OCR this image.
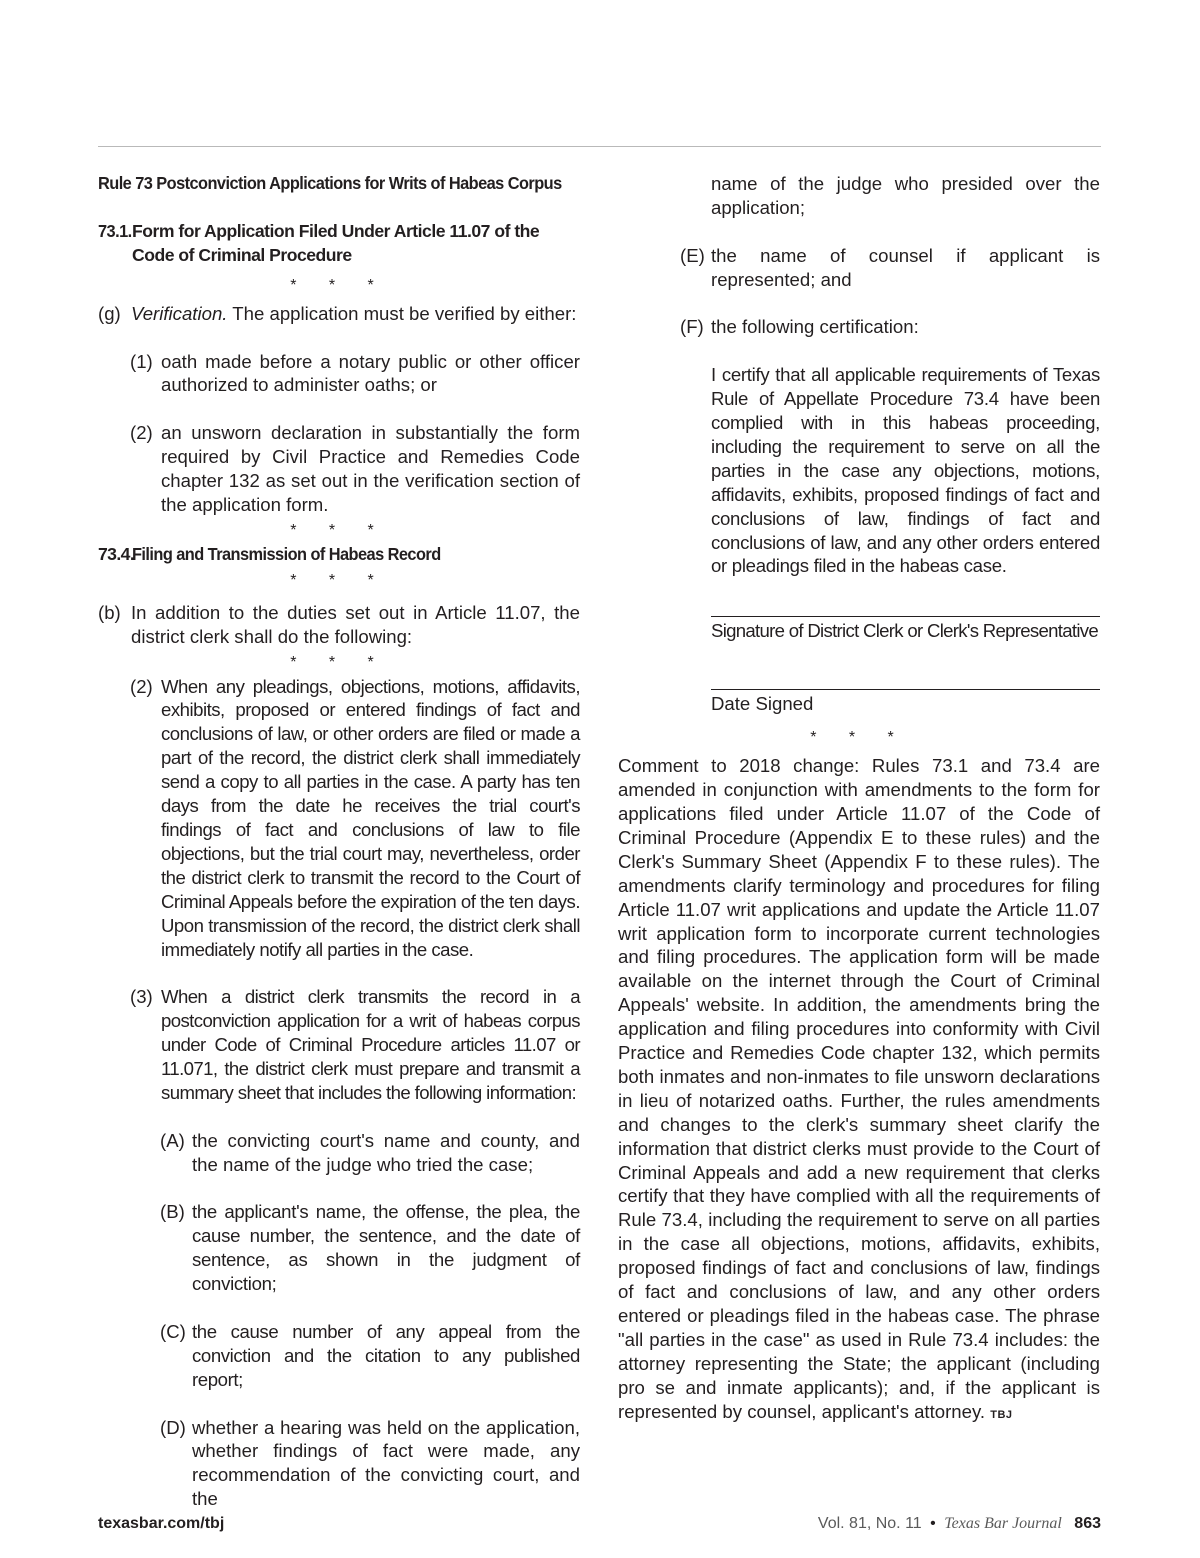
Rule 73 Postconviction Applications for Writs of Habeas Corpus

73.1. Form for Application Filed Under Article 11.07 of the Code of Criminal Procedure

* * *

(g) Verification. The application must be verified by either:

(1) oath made before a notary public or other officer authorized to administer oaths; or

(2) an unsworn declaration in substantially the form required by Civil Practice and Remedies Code chapter 132 as set out in the verification section of the application form.

* * *

73.4.
Filing and Transmission of Habeas Record

* * *

(b) In addition to the duties set out in Article 11.07, the district clerk shall do the following:

* * *

(2) When any pleadings, objections, motions, affidavits, exhibits, proposed or entered findings of fact and conclusions of law, or other orders are filed or made a part of the record, the district clerk shall immediately send a copy to all parties in the case. A party has ten days from the date he receives the trial court's findings of fact and conclusions of law to file objections, but the trial court may, nevertheless, order the district clerk to transmit the record to the Court of Criminal Appeals before the expiration of the ten days. Upon transmission of the record, the district clerk shall immediately notify all parties in the case.

(3) When a district clerk transmits the record in a postconviction application for a writ of habeas corpus under Code of Criminal Procedure articles 11.07 or 11.071, the district clerk must prepare and transmit a summary sheet that includes the following information:

(A) the convicting court's name and county, and the name of the judge who tried the case;

(B) the applicant's name, the offense, the plea, the cause number, the sentence, and the date of sentence, as shown in the judgment of conviction;

(C) the cause number of any appeal from the conviction and the citation to any published report;

(D) whether a hearing was held on the application, whether findings of fact were made, any recommendation of the convicting court, and the

name of the judge who presided over the application;

(E) the name of counsel if applicant is represented; and

(F) the following certification:

I certify that all applicable requirements of Texas Rule of Appellate Procedure 73.4 have been complied with in this habeas proceeding, including the requirement to serve on all the parties in the case any objections, motions, affidavits, exhibits, proposed findings of fact and conclusions of law, findings of fact and conclusions of law, and any other orders entered or pleadings filed in the habeas case.

Signature of District Clerk or Clerk's Representative

Date Signed

* * *

Comment to 2018 change: Rules 73.1 and 73.4 are amended in conjunction with amendments to the form for applications filed under Article 11.07 of the Code of Criminal Procedure (Appendix E to these rules) and the Clerk's Summary Sheet (Appendix F to these rules). The amendments clarify terminology and procedures for filing Article 11.07 writ applications and update the Article 11.07 writ application form to incorporate current technologies and filing procedures. The application form will be made available on the internet through the Court of Criminal Appeals' website. In addition, the amendments bring the application and filing procedures into conformity with Civil Practice and Remedies Code chapter 132, which permits both inmates and non-inmates to file unsworn declarations in lieu of notarized oaths. Further, the rules amendments and changes to the clerk's summary sheet clarify the information that district clerks must provide to the Court of Criminal Appeals and add a new requirement that clerks certify that they have complied with all the requirements of Rule 73.4, including the requirement to serve on all parties in the case all objections, motions, affidavits, exhibits, proposed findings of fact and conclusions of law, findings of fact and conclusions of law, and any other orders entered or pleadings filed in the habeas case. The phrase "all parties in the case" as used in Rule 73.4 includes: the attorney representing the State; the applicant (including pro se and inmate applicants); and, if the applicant is represented by counsel, applicant's attorney. TBJ

texasbar.com/tbj	Vol. 81, No. 11 • Texas Bar Journal 863
